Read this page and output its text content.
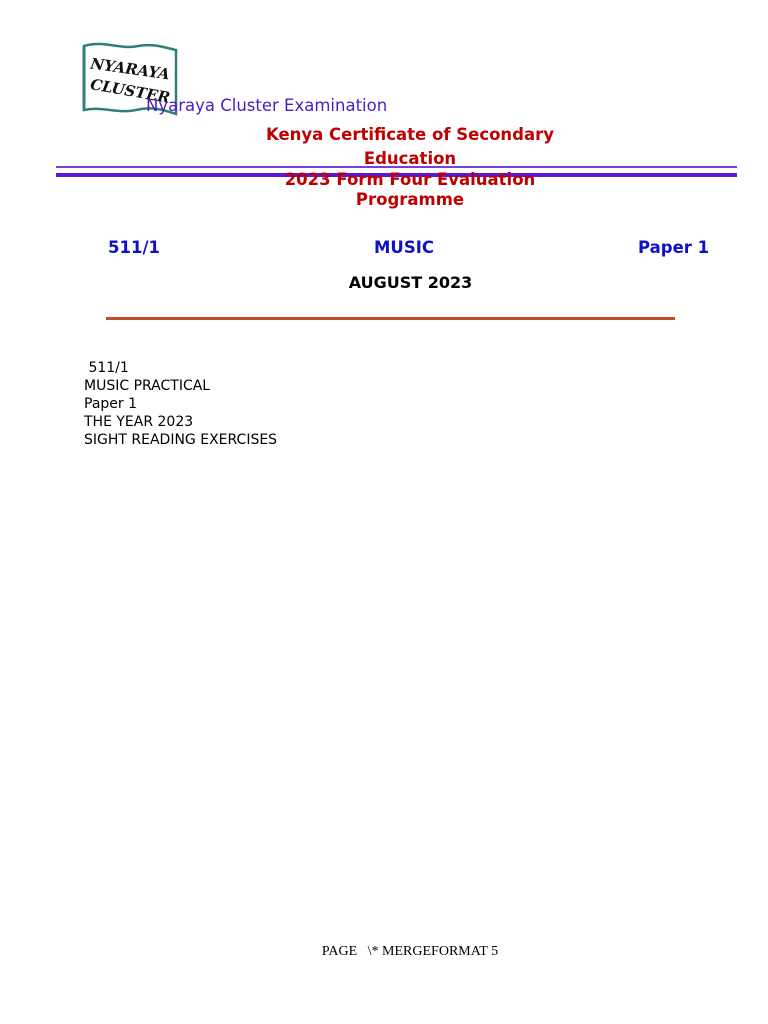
NYARAYA
CLUSTER
Nyaraya Cluster Examination
Kenya Certificate of Secondary
Education
2023 Form Four Evaluation
Programme
511/1	MUSIC	Paper 1
AUGUST 2023
511/1
MUSIC PRACTICAL
Paper 1
THE YEAR 2023
SIGHT READING EXERCISES
PAGE   \* MERGEFORMAT 5
